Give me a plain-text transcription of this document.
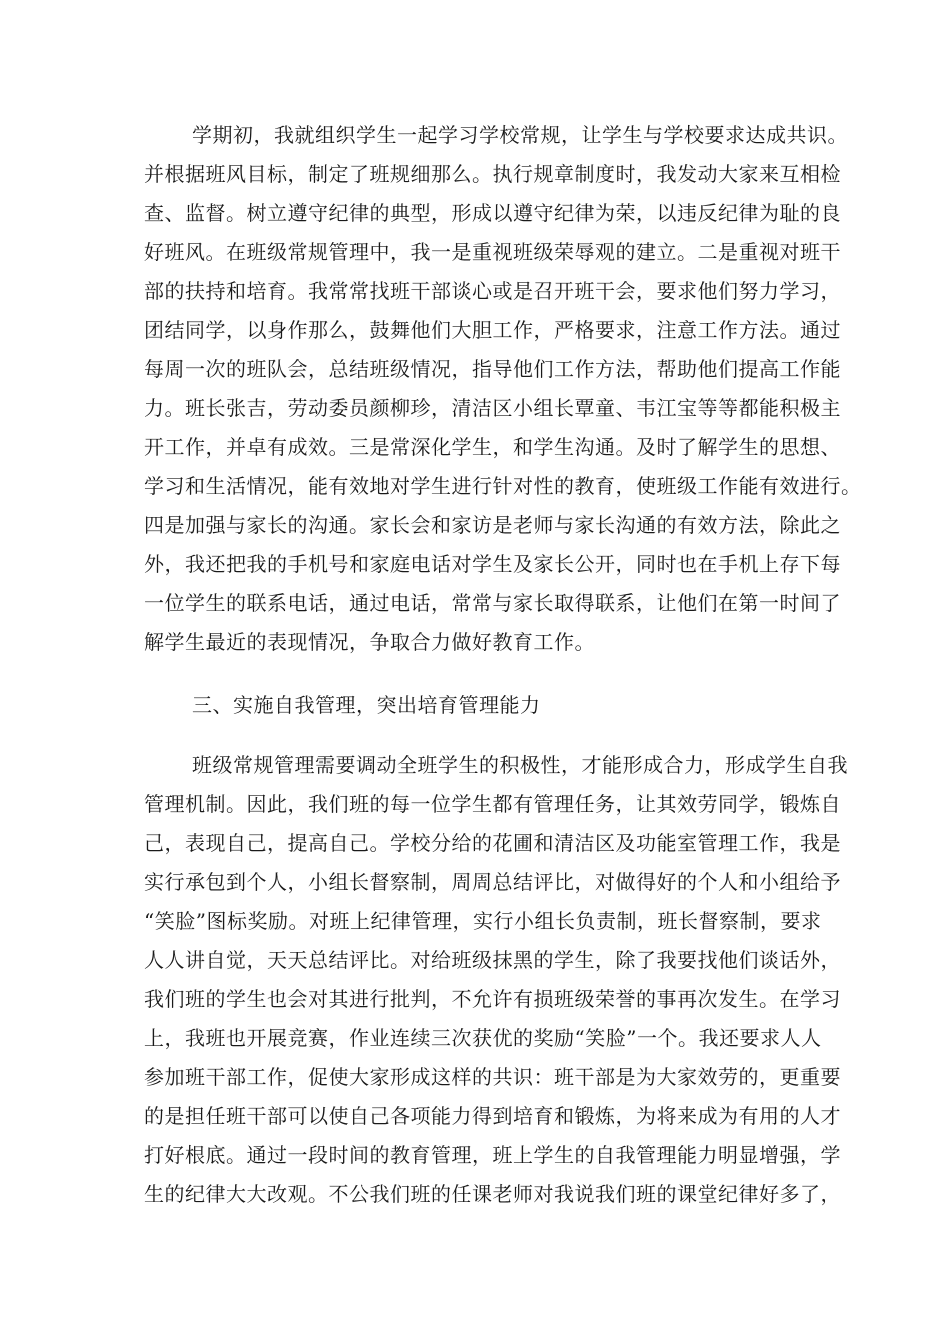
学期初，我就组织学生一起学习学校常规，让学生与学校要求达成共识。
并根据班风目标，制定了班规细那么。执行规章制度时，我发动大家来互相检
查、监督。树立遵守纪律的典型，形成以遵守纪律为荣，以违反纪律为耻的良
好班风。在班级常规管理中，我一是重视班级荣辱观的建立。二是重视对班干
部的扶持和培育。我常常找班干部谈心或是召开班干会，要求他们努力学习，
团结同学，以身作那么，鼓舞他们大胆工作，严格要求，注意工作方法。通过
每周一次的班队会，总结班级情况，指导他们工作方法，帮助他们提高工作能
力。班长张吉，劳动委员颜柳珍，清洁区小组长覃童、韦江宝等等都能积极主
开工作，并卓有成效。三是常深化学生，和学生沟通。及时了解学生的思想、
学习和生活情况，能有效地对学生进行针对性的教育，使班级工作能有效进行。
四是加强与家长的沟通。家长会和家访是老师与家长沟通的有效方法，除此之
外，我还把我的手机号和家庭电话对学生及家长公开，同时也在手机上存下每
一位学生的联系电话，通过电话，常常与家长取得联系，让他们在第一时间了
解学生最近的表现情况，争取合力做好教育工作。
三、实施自我管理，突出培育管理能力
班级常规管理需要调动全班学生的积极性，才能形成合力，形成学生自我
管理机制。因此，我们班的每一位学生都有管理任务，让其效劳同学，锻炼自
己，表现自己，提高自己。学校分给的花圃和清洁区及功能室管理工作，我是
实行承包到个人，小组长督察制，周周总结评比，对做得好的个人和小组给予
“笑脸”图标奖励。对班上纪律管理，实行小组长负责制，班长督察制，要求
人人讲自觉，天天总结评比。对给班级抹黑的学生，除了我要找他们谈话外，
我们班的学生也会对其进行批判，不允许有损班级荣誉的事再次发生。在学习
上，我班也开展竞赛，作业连续三次获优的奖励“笑脸”一个。我还要求人人
参加班干部工作，促使大家形成这样的共识：班干部是为大家效劳的，更重要
的是担任班干部可以使自己各项能力得到培育和锻炼，为将来成为有用的人才
打好根底。通过一段时间的教育管理，班上学生的自我管理能力明显增强，学
生的纪律大大改观。不公我们班的任课老师对我说我们班的课堂纪律好多了，
